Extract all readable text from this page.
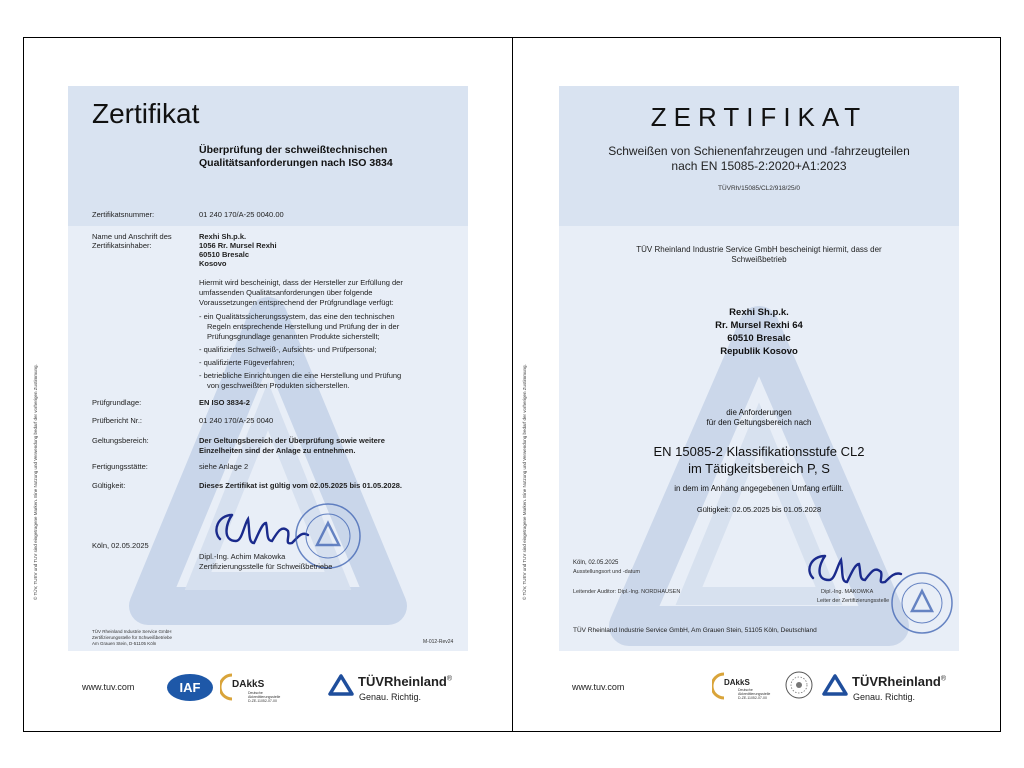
© TÜV, TUEV und TUV sind eingetragene Marken. Eine Nutzung und Verwendung bedarf der vorherigen Zustimmung.
Zertifikat
Überprüfung der schweißtechnischen
Qualitätsanforderungen nach ISO 3834
Zertifikatsnummer:	01 240 170/A-25 0040.00
Name und Anschrift des
Zertifikatsinhaber:
Rexhi Sh.p.k.
1056 Rr. Mursel Rexhi
60510 Bresalc
Kosovo
Hiermit wird bescheinigt, dass der Hersteller zur Erfüllung der
umfassenden Qualitätsanforderungen über folgende
Voraussetzungen entsprechend der Prüfgrundlage verfügt:
- ein Qualitätssicherungssystem, das eine den technischen
Regeln entsprechende Herstellung und Prüfung der in der
Prüfungsgrundlage genannten Produkte sicherstellt;
- qualifiziertes Schweiß-, Aufsichts- und Prüfpersonal;
- qualifizierte Fügeverfahren;
- betriebliche Einrichtungen die eine Herstellung und Prüfung
von geschweißten Produkten sicherstellen.
Prüfgrundlage:	EN ISO 3834-2
Prüfbericht Nr.:	01 240 170/A-25 0040
Geltungsbereich:	Der Geltungsbereich der Überprüfung sowie weitere
Einzelheiten sind der Anlage zu entnehmen.
Fertigungsstätte:	siehe Anlage 2
Gültigkeit:	Dieses Zertifikat ist gültig vom 02.05.2025 bis 01.05.2028.
Köln, 02.05.2025
Dipl.-Ing. Achim Makowka
Zertifizierungsstelle für Schweißbetriebe
TÜV Rheinland Industrie Service GmbH
Zertifizierungsstelle für Schweißbetriebe
Am Grauen Stein, D-51105 Köln	M-012-Rev24
www.tuv.com	IAF	DAkkS
Deutsche
Akkreditierungsstelle
D-ZE-11052-07-00
TÜVRheinland®
Genau. Richtig.
© TÜV, TUEV und TUV sind eingetragene Marken. Eine Nutzung und Verwendung bedarf der vorherigen Zustimmung.
ZERTIFIKAT
Schweißen von Schienenfahrzeugen und -fahrzeugteilen
nach EN 15085-2:2020+A1:2023
TÜVRh/15085/CL2/918/25/0
TÜV Rheinland Industrie Service GmbH bescheinigt hiermit, dass der
Schweißbetrieb
Rexhi Sh.p.k.
Rr. Mursel Rexhi 64
60510 Bresalc
Republik Kosovo
die Anforderungen
für den Geltungsbereich nach
EN 15085-2 Klassifikationsstufe CL2
im Tätigkeitsbereich P, S
in dem im Anhang angegebenen Umfang erfüllt.
Gültigkeit: 02.05.2025 bis 01.05.2028
Köln, 02.05.2025
Ausstellungsort und -datum
Leitender Auditor: Dipl.-Ing. NORDHAUSEN	Dipl.-Ing. MAKOWKA
Leiter der Zertifizierungsstelle
TÜV Rheinland Industrie Service GmbH, Am Grauen Stein, 51105 Köln, Deutschland
www.tuv.com	DAkkS
Deutsche
Akkreditierungsstelle
D-ZE-11052-07-00
TÜVRheinland®
Genau. Richtig.
